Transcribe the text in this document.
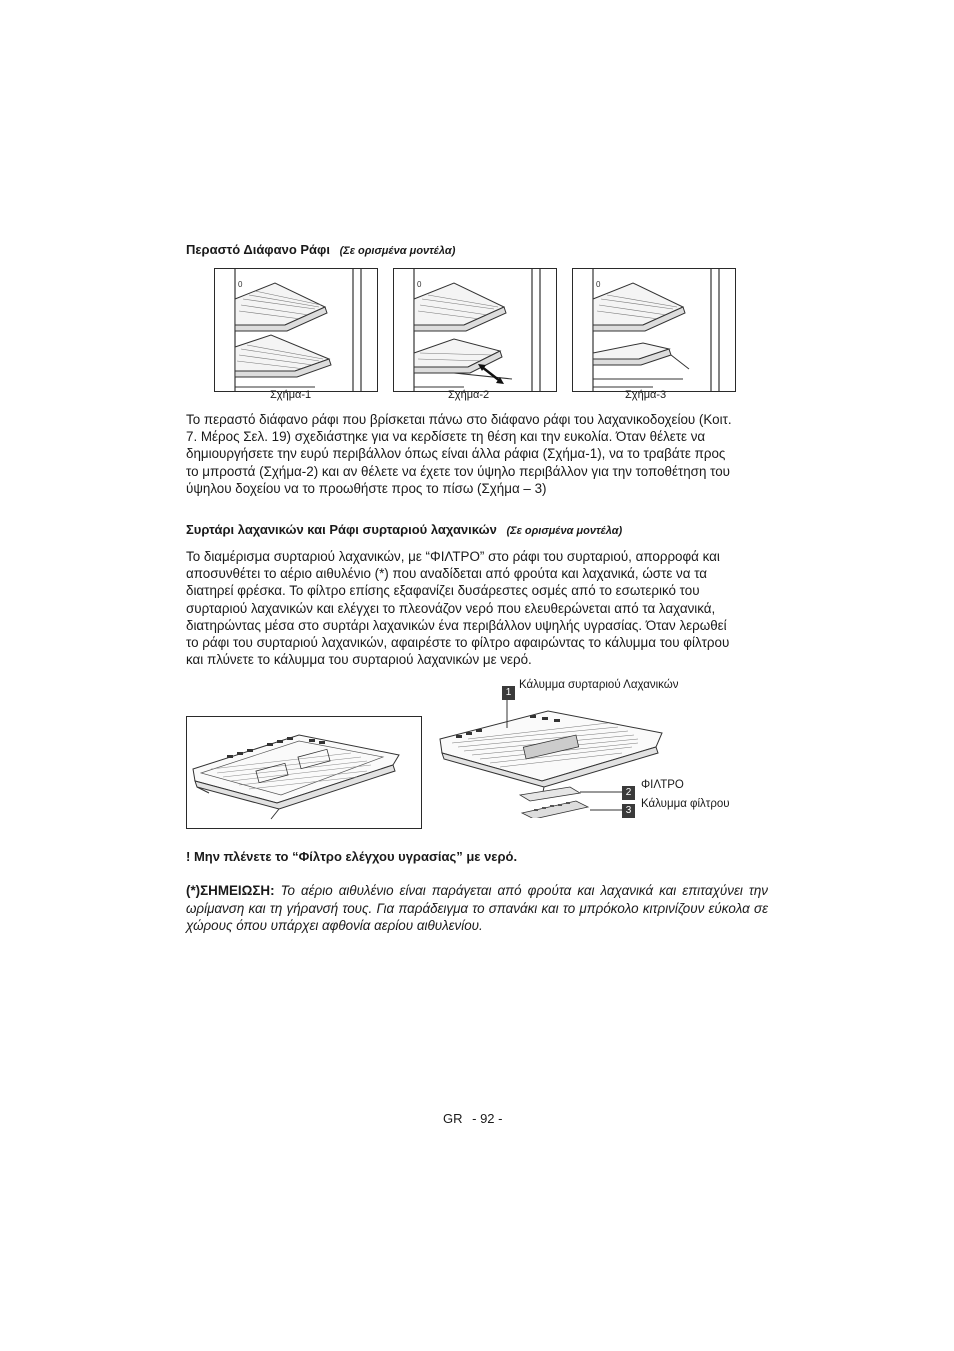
Περαστό Διάφανο Ράφι (Σε ορισμένα μοντέλα)
0
Σχήμα-1
0
Σχήμα-2
0
Σχήμα-3
Το περαστό διάφανο ράφι που βρίσκεται πάνω στο διάφανο ράφι του λαχανικοδοχείου (Κοιτ.
7. Μέρος Σελ. 19) σχεδιάστηκε για να κερδίσετε τη θέση και την ευκολία. Όταν θέλετε να
δημιουργήσετε την ευρύ περιβάλλον όπως είναι άλλα ράφια (Σχήμα-1), να το τραβάτε προς
το μπροστά (Σχήμα-2) και αν θέλετε να έχετε τον ύψηλο περιβάλλον για την τοποθέτηση του
ύψηλου δοχείου να το προωθήστε προς το πίσω (Σχήμα – 3)
Συρτάρι λαχανικών και Ράφι συρταριού λαχανικών (Σε ορισμένα μοντέλα)
Το διαμέρισμα συρταριού λαχανικών, με “ΦΙΛΤΡΟ” στο ράφι του συρταριού, απορροφά και
αποσυνθέτει το αέριο αιθυλένιο (*) που αναδίδεται από φρούτα και λαχανικά, ώστε να τα
διατηρεί φρέσκα. Το φίλτρο επίσης εξαφανίζει δυσάρεστες οσμές από το εσωτερικό του
συρταριού λαχανικών και ελέγχει το πλεονάζον νερό που ελευθερώνεται από τα λαχανικά,
διατηρώντας μέσα στο συρτάρι λαχανικών ένα περιβάλλον υψηλής υγρασίας. Όταν λερωθεί
το ράφι του συρταριού λαχανικών, αφαιρέστε το φίλτρο αφαιρώντας το κάλυμμα του φίλτρου
και πλύνετε το κάλυμμα του συρταριού λαχανικών με νερό.
1
Κάλυμμα συρταριού Λαχανικών
2
ΦΙΛΤΡΟ
3
Κάλυμμα φίλτρου
! Μην πλένετε το “Φίλτρο ελέγχου υγρασίας” με νερό.
(*)ΣΗΜΕΙΩΣΗ: Το αέριο αιθυλένιο είναι παράγεται από φρούτα και λαχανικά και επιταχύνει την ωρίμανση και τη γήρανσή τους. Για παράδειγμα το σπανάκι και το μπρόκολο κιτρινίζουν εύκολα σε χώρους όπου υπάρχει αφθονία αερίου αιθυλενίου.
GR - 92 -
